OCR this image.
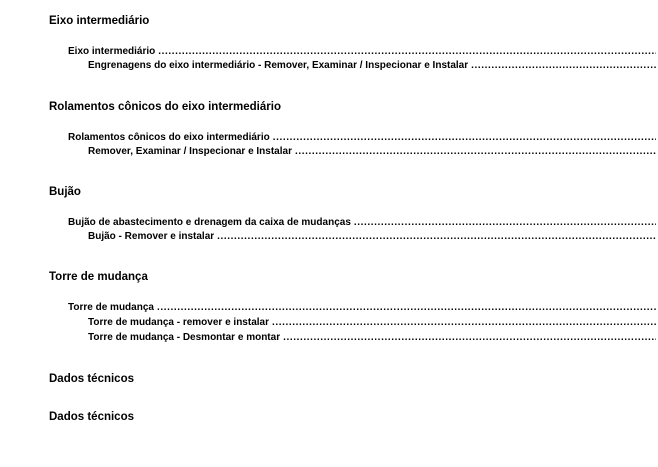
Eixo intermediário
Eixo intermediário
.....
Engrenagens do eixo intermediário - Remover, Examinar / Inspecionar e Instalar
.....
Rolamentos cônicos do eixo intermediário
Rolamentos cônicos do eixo intermediário
.....
Remover, Examinar / Inspecionar e Instalar
.....
Bujão
Bujão de abastecimento e drenagem da caixa de mudanças
.....
Bujão - Remover e instalar
.....
Torre de mudança
Torre de mudança
.....
Torre de mudança - remover e instalar
.....
Torre de mudança - Desmontar e montar
.....
Dados técnicos
Dados técnicos
